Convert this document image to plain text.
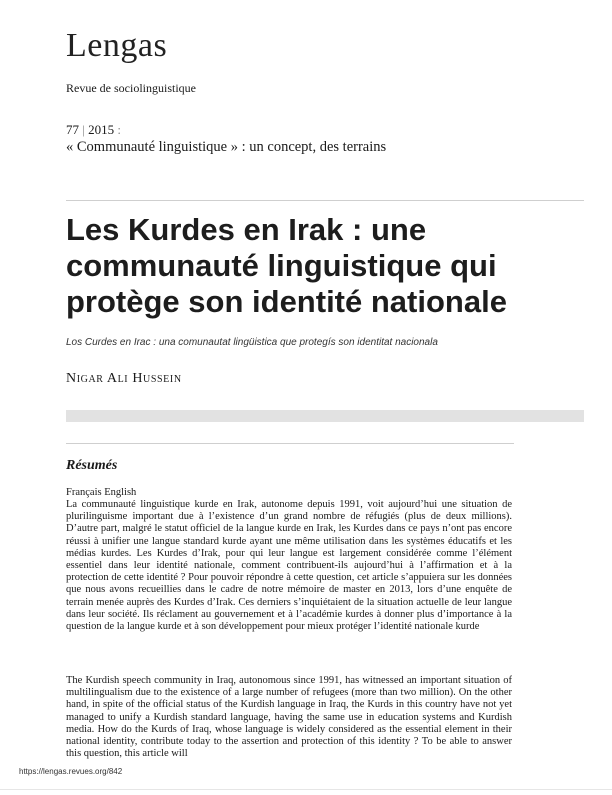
Lengas
Revue de sociolinguistique
77 | 2015 :
« Communauté linguistique » : un concept, des terrains
Les Kurdes en Irak : une communauté linguistique qui protège son identité nationale
Los Curdes en Irac : una comunautat lingüistica que protegís son identitat nacionala
Nigar Ali Hussein
Résumés
Français English
La communauté linguistique kurde en Irak, autonome depuis 1991, voit aujourd’hui une situation de plurilinguisme important due à l’existence d’un grand nombre de réfugiés (plus de deux millions). D’autre part, malgré le statut officiel de la langue kurde en Irak, les Kurdes dans ce pays n’ont pas encore réussi à unifier une langue standard kurde ayant une même utilisation dans les systèmes éducatifs et les médias kurdes. Les Kurdes d’Irak, pour qui leur langue est largement considérée comme l’élément essentiel dans leur identité nationale, comment contribuent-ils aujourd’hui à l’affirmation et à la protection de cette identité ? Pour pouvoir répondre à cette question, cet article s’appuiera sur les données que nous avons recueillies dans le cadre de notre mémoire de master en 2013, lors d’une enquête de terrain menée auprès des Kurdes d’Irak. Ces derniers s’inquiétaient de la situation actuelle de leur langue dans leur société. Ils réclament au gouvernement et à l’académie kurdes à donner plus d’importance à la question de la langue kurde et à son développement pour mieux protéger l’identité nationale kurde
The Kurdish speech community in Iraq, autonomous since 1991, has witnessed an important situation of multilingualism due to the existence of a large number of refugees (more than two million). On the other hand, in spite of the official status of the Kurdish language in Iraq, the Kurds in this country have not yet managed to unify a Kurdish standard language, having the same use in education systems and Kurdish media. How do the Kurds of Iraq, whose language is widely considered as the essential element in their national identity, contribute today to the assertion and protection of this identity ? To be able to answer this question, this article will
https://lengas.revues.org/842
